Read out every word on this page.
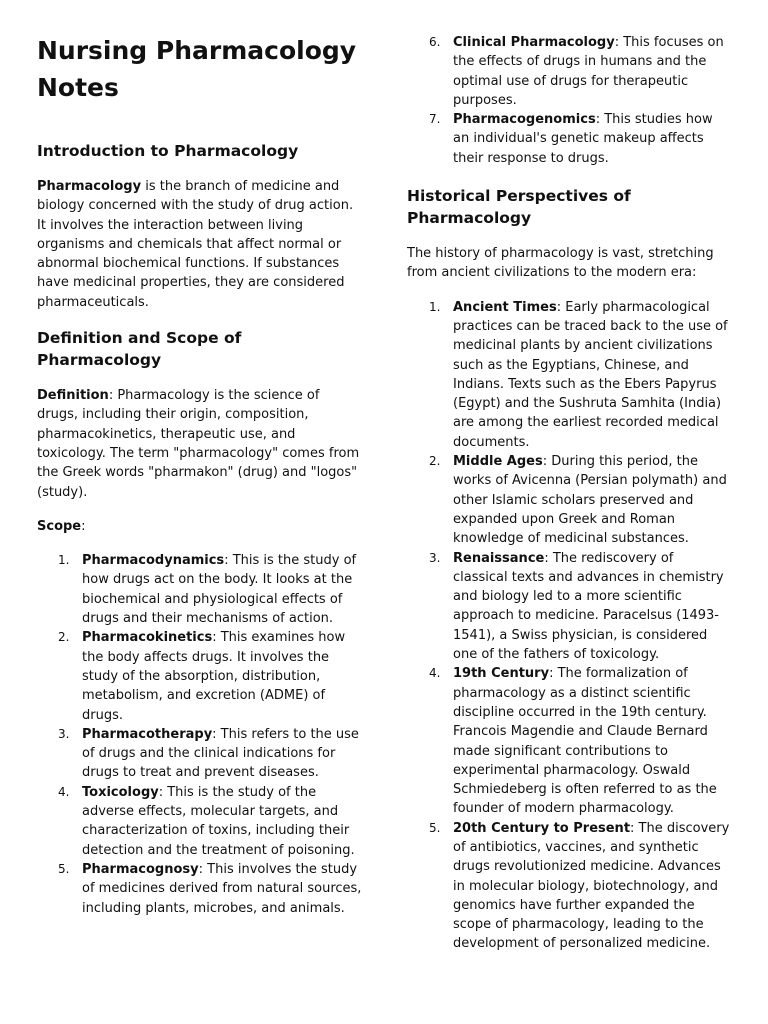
Nursing Pharmacology Notes
Introduction to Pharmacology

Pharmacology is the branch of medicine and biology concerned with the study of drug action. It involves the interaction between living organisms and chemicals that affect normal or abnormal biochemical functions. If substances have medicinal properties, they are considered pharmaceuticals.

Definition and Scope of Pharmacology

Definition: Pharmacology is the science of drugs, including their origin, composition, pharmacokinetics, therapeutic use, and toxicology. The term "pharmacology" comes from the Greek words "pharmakon" (drug) and "logos" (study).

Scope:

1. Pharmacodynamics: This is the study of how drugs act on the body. It looks at the biochemical and physiological effects of drugs and their mechanisms of action.
2. Pharmacokinetics: This examines how the body affects drugs. It involves the study of the absorption, distribution, metabolism, and excretion (ADME) of drugs.
3. Pharmacotherapy: This refers to the use of drugs and the clinical indications for drugs to treat and prevent diseases.
4. Toxicology: This is the study of the adverse effects, molecular targets, and characterization of toxins, including their detection and the treatment of poisoning.
5. Pharmacognosy: This involves the study of medicines derived from natural sources, including plants, microbes, and animals.
6. Clinical Pharmacology: This focuses on the effects of drugs in humans and the optimal use of drugs for therapeutic purposes.
7. Pharmacogenomics: This studies how an individual's genetic makeup affects their response to drugs.
Historical Perspectives of Pharmacology

The history of pharmacology is vast, stretching from ancient civilizations to the modern era:

1. Ancient Times: Early pharmacological practices can be traced back to the use of medicinal plants by ancient civilizations such as the Egyptians, Chinese, and Indians. Texts such as the Ebers Papyrus (Egypt) and the Sushruta Samhita (India) are among the earliest recorded medical documents.
2. Middle Ages: During this period, the works of Avicenna (Persian polymath) and other Islamic scholars preserved and expanded upon Greek and Roman knowledge of medicinal substances.
3. Renaissance: The rediscovery of classical texts and advances in chemistry and biology led to a more scientific approach to medicine. Paracelsus (1493-1541), a Swiss physician, is considered one of the fathers of toxicology.
4. 19th Century: The formalization of pharmacology as a distinct scientific discipline occurred in the 19th century. Francois Magendie and Claude Bernard made significant contributions to experimental pharmacology. Oswald Schmiedeberg is often referred to as the founder of modern pharmacology.
5. 20th Century to Present: The discovery of antibiotics, vaccines, and synthetic drugs revolutionized medicine. Advances in molecular biology, biotechnology, and genomics have further expanded the scope of pharmacology, leading to the development of personalized medicine.
